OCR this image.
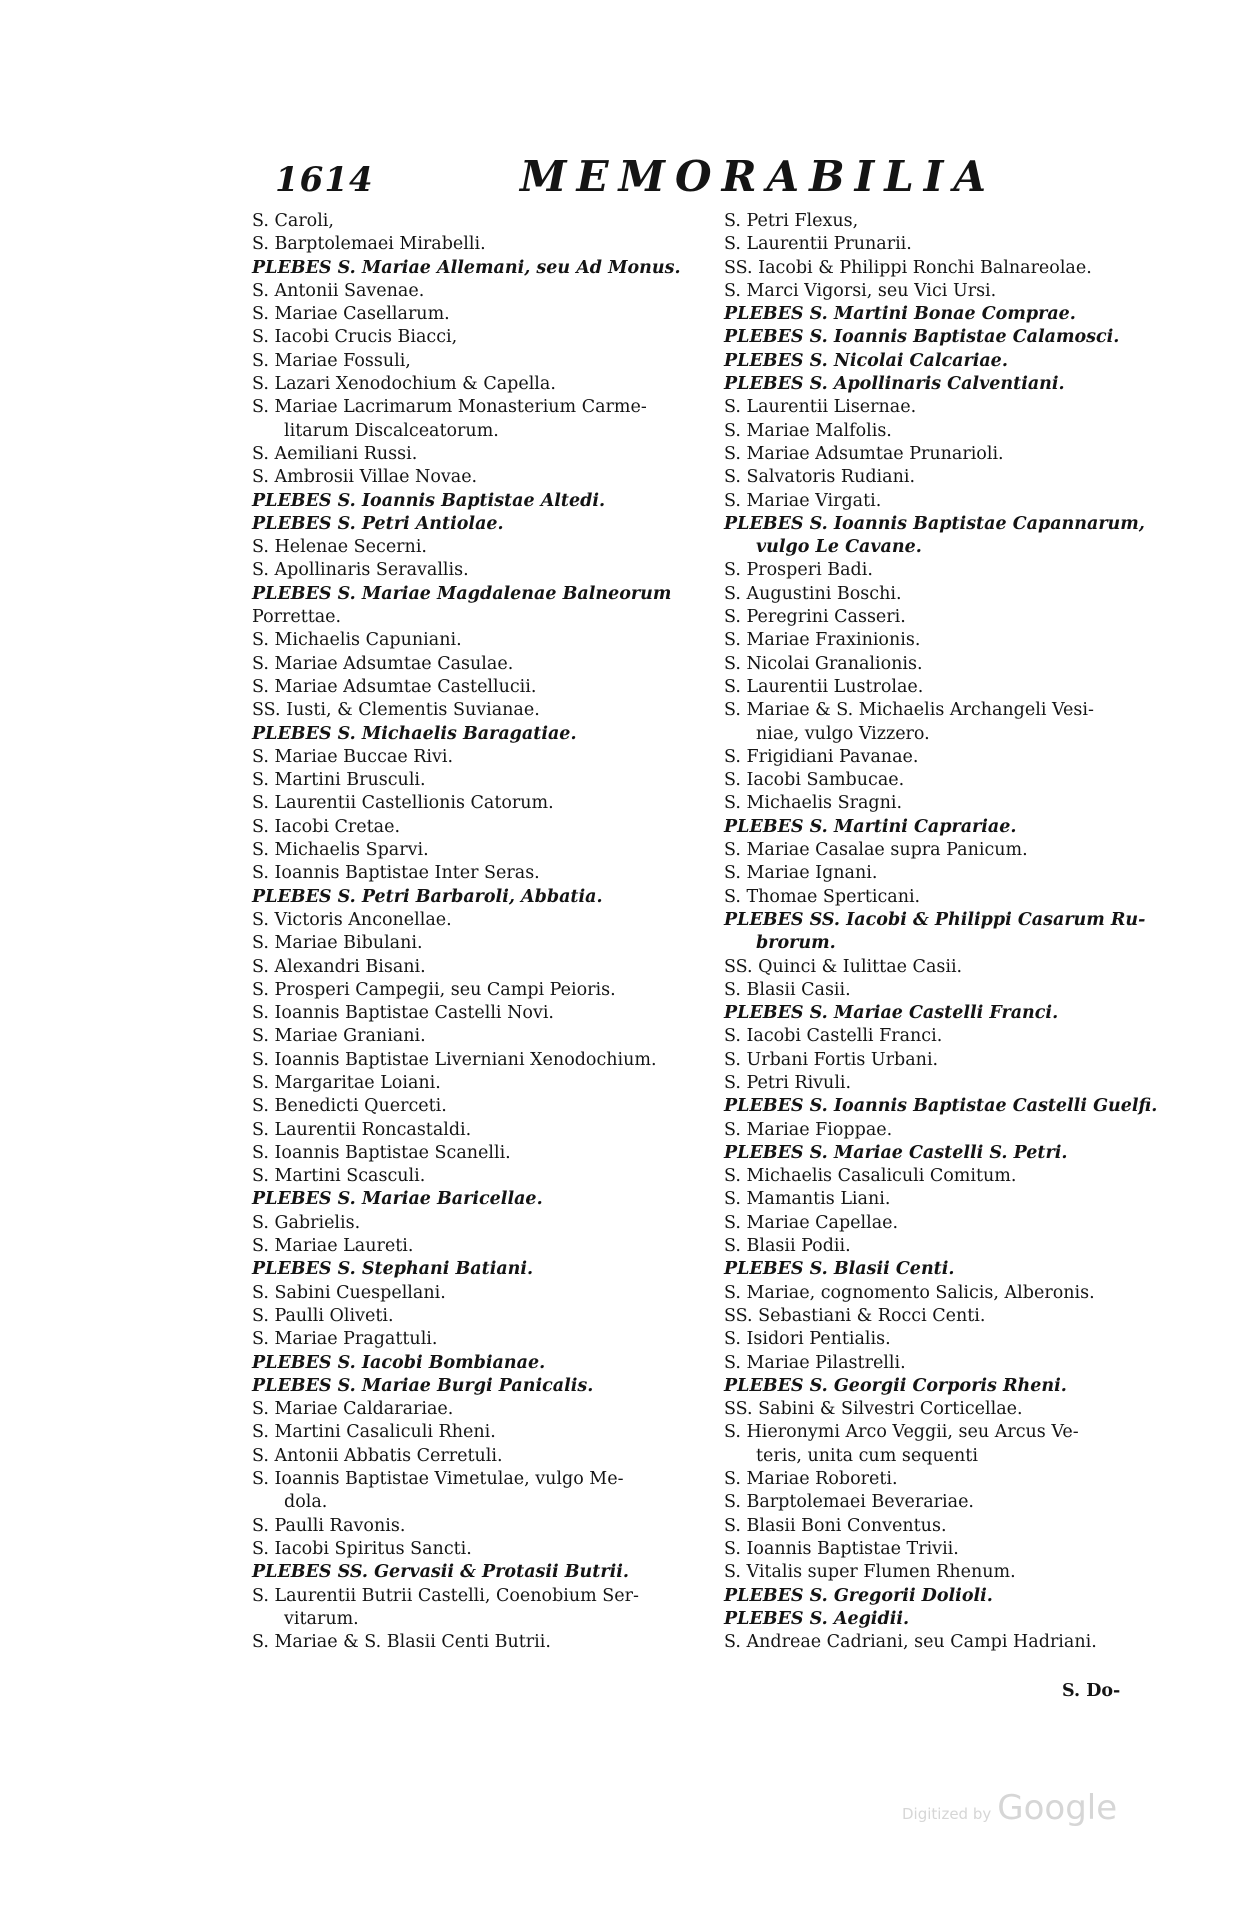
1614	MEMORABILIA
S. Caroli,
S. Barptolemaei Mirabelli.
PLEBES S. Mariae Allemani, seu Ad Monus.
S. Antonii Savenae.
S. Mariae Casellarum.
S. Iacobi Crucis Biacci,
S. Mariae Fossuli,
S. Lazari Xenodochium & Capella.
S. Mariae Lacrimarum Monasterium Carme-
litarum Discalceatorum.
S. Aemiliani Russi.
S. Ambrosii Villae Novae.
PLEBES S. Ioannis Baptistae Altedi.
PLEBES S. Petri Antiolae.
S. Helenae Secerni.
S. Apollinaris Seravallis.
PLEBES S. Mariae Magdalenae Balneorum
Porrettae.
S. Michaelis Capuniani.
S. Mariae Adsumtae Casulae.
S. Mariae Adsumtae Castellucii.
SS. Iusti, & Clementis Suvianae.
PLEBES S. Michaelis Baragatiae.
S. Mariae Buccae Rivi.
S. Martini Brusculi.
S. Laurentii Castellionis Catorum.
S. Iacobi Cretae.
S. Michaelis Sparvi.
S. Ioannis Baptistae Inter Seras.
PLEBES S. Petri Barbaroli, Abbatia.
S. Victoris Anconellae.
S. Mariae Bibulani.
S. Alexandri Bisani.
S. Prosperi Campegii, seu Campi Peioris.
S. Ioannis Baptistae Castelli Novi.
S. Mariae Graniani.
S. Ioannis Baptistae Liverniani Xenodochium.
S. Margaritae Loiani.
S. Benedicti Querceti.
S. Laurentii Roncastaldi.
S. Ioannis Baptistae Scanelli.
S. Martini Scasculi.
PLEBES S. Mariae Baricellae.
S. Gabrielis.
S. Mariae Laureti.
PLEBES S. Stephani Batiani.
S. Sabini Cuespellani.
S. Paulli Oliveti.
S. Mariae Pragattuli.
PLEBES S. Iacobi Bombianae.
PLEBES S. Mariae Burgi Panicalis.
S. Mariae Caldarariae.
S. Martini Casaliculi Rheni.
S. Antonii Abbatis Cerretuli.
S. Ioannis Baptistae Vimetulae, vulgo Me-
dola.
S. Paulli Ravonis.
S. Iacobi Spiritus Sancti.
PLEBES SS. Gervasii & Protasii Butrii.
S. Laurentii Butrii Castelli, Coenobium Ser-
vitarum.
S. Mariae & S. Blasii Centi Butrii.
S. Petri Flexus,
S. Laurentii Prunarii.
SS. Iacobi & Philippi Ronchi Balnareolae.
S. Marci Vigorsi, seu Vici Ursi.
PLEBES S. Martini Bonae Comprae.
PLEBES S. Ioannis Baptistae Calamosci.
PLEBES S. Nicolai Calcariae.
PLEBES S. Apollinaris Calventiani.
S. Laurentii Lisernae.
S. Mariae Malfolis.
S. Mariae Adsumtae Prunarioli.
S. Salvatoris Rudiani.
S. Mariae Virgati.
PLEBES S. Ioannis Baptistae Capannarum,
vulgo Le Cavane.
S. Prosperi Badi.
S. Augustini Boschi.
S. Peregrini Casseri.
S. Mariae Fraxinionis.
S. Nicolai Granalionis.
S. Laurentii Lustrolae.
S. Mariae & S. Michaelis Archangeli Vesi-
niae, vulgo Vizzero.
S. Frigidiani Pavanae.
S. Iacobi Sambucae.
S. Michaelis Sragni.
PLEBES S. Martini Caprariae.
S. Mariae Casalae supra Panicum.
S. Mariae Ignani.
S. Thomae Sperticani.
PLEBES SS. Iacobi & Philippi Casarum Ru-
brorum.
SS. Quinci & Iulittae Casii.
S. Blasii Casii.
PLEBES S. Mariae Castelli Franci.
S. Iacobi Castelli Franci.
S. Urbani Fortis Urbani.
S. Petri Rivuli.
PLEBES S. Ioannis Baptistae Castelli Guelfi.
S. Mariae Fioppae.
PLEBES S. Mariae Castelli S. Petri.
S. Michaelis Casaliculi Comitum.
S. Mamantis Liani.
S. Mariae Capellae.
S. Blasii Podii.
PLEBES S. Blasii Centi.
S. Mariae, cognomento Salicis, Alberonis.
SS. Sebastiani & Rocci Centi.
S. Isidori Pentialis.
S. Mariae Pilastrelli.
PLEBES S. Georgii Corporis Rheni.
SS. Sabini & Silvestri Corticellae.
S. Hieronymi Arco Veggii, seu Arcus Ve-
teris, unita cum sequenti
S. Mariae Roboreti.
S. Barptolemaei Beverariae.
S. Blasii Boni Conventus.
S. Ioannis Baptistae Trivii.
S. Vitalis super Flumen Rhenum.
PLEBES S. Gregorii Dolioli.
PLEBES S. Aegidii.
S. Andreae Cadriani, seu Campi Hadriani.
S. Do-
Digitized by Google
